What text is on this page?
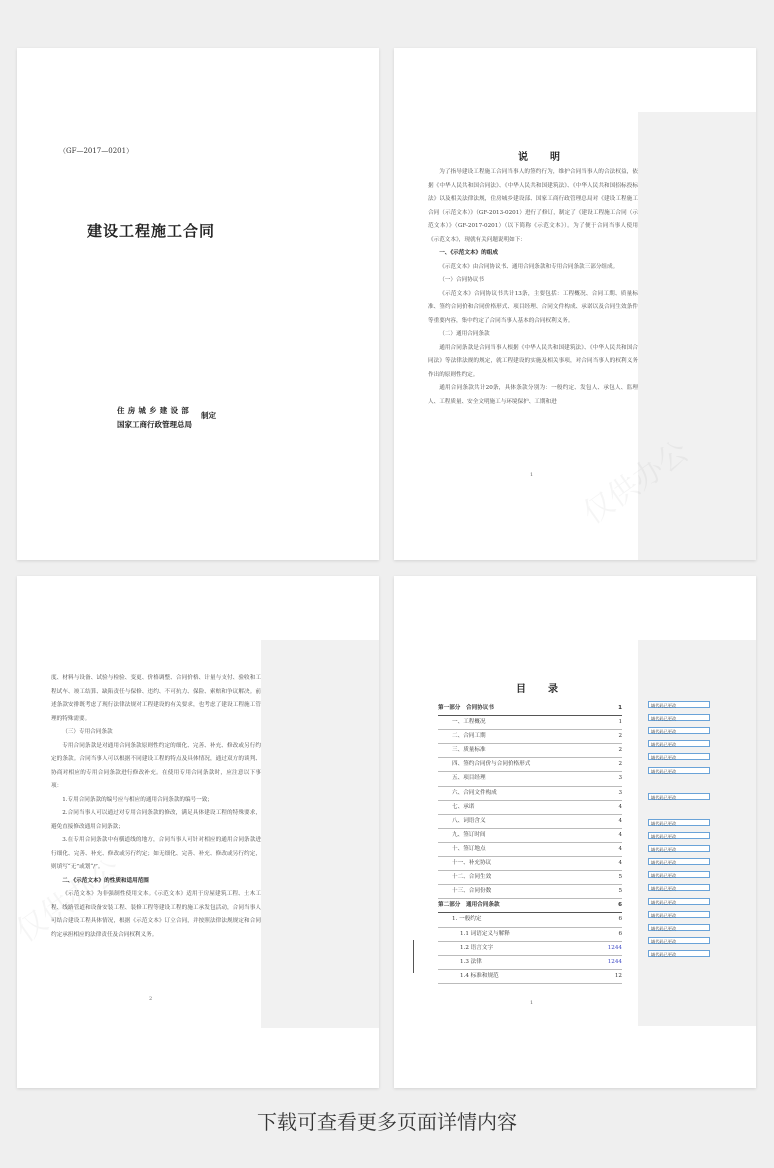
（GF—2017—0201）
建设工程施工合同
住房城乡建设部
国家工商行政管理总局
制定
说　明

为了指导建设工程施工合同当事人的签约行为，维护合同当事人的合法权益，依据《中华人民共和国合同法》、《中华人民共和国建筑法》、《中华人民共和国招标投标法》以及相关法律法规，住房城乡建设部、国家工商行政管理总局对《建设工程施工合同（示范文本）》（GF-2013-0201）进行了修订，制定了《建设工程施工合同（示范文本）》（GF-2017-0201）（以下简称《示范文本》）。为了便于合同当事人使用《示范文本》，现就有关问题说明如下：

一、《示范文本》的组成

《示范文本》由合同协议书、通用合同条款和专用合同条款三部分组成。

（一）合同协议书

《示范文本》合同协议书共计13条，主要包括：工程概况、合同工期、质量标准、签约合同价和合同价格形式、项目经理、合同文件构成、承诺以及合同生效条件等重要内容，集中约定了合同当事人基本的合同权利义务。

（二）通用合同条款

通用合同条款是合同当事人根据《中华人民共和国建筑法》、《中华人民共和国合同法》等法律法规的规定，就工程建设的实施及相关事项，对合同当事人的权利义务作出的原则性约定。

通用合同条款共计20条，具体条款分别为：一般约定、发包人、承包人、监理人、工程质量、安全文明施工与环境保护、工期和进

1

度、材料与设备、试验与检验、变更、价格调整、合同价格、计量与支付、验收和工程试车、竣工结算、缺陷责任与保修、违约、不可抗力、保险、索赔和争议解决。前述条款安排既考虑了现行法律法规对工程建设的有关要求，也考虑了建设工程施工管理的特殊需要。

（三）专用合同条款

专用合同条款是对通用合同条款原则性约定的细化、完善、补充、修改或另行约定的条款。合同当事人可以根据不同建设工程的特点及具体情况，通过双方的谈判、协商对相应的专用合同条款进行修改补充。在使用专用合同条款时，应注意以下事项：

1.专用合同条款的编号应与相应的通用合同条款的编号一致；

2.合同当事人可以通过对专用合同条款的修改，满足具体建设工程的特殊要求，避免直接修改通用合同条款；

3.在专用合同条款中有横道线的地方，合同当事人可针对相应的通用合同条款进行细化、完善、补充、修改或另行约定；如无细化、完善、补充、修改或另行约定，则填写“无”或划“/”。

二、《示范文本》的性质和适用范围

《示范文本》为非强制性使用文本。《示范文本》适用于房屋建筑工程、土木工程、线路管道和设备安装工程、装修工程等建设工程的施工承发包活动，合同当事人可结合建设工程具体情况，根据《示范文本》订立合同，并按照法律法规规定和合同约定承担相应的法律责任及合同权利义务。

2
目　录
第一部分　合同协议书	1
一、工程概况	1
二、合同工期	2
三、质量标准	2
四、签约合同价与合同价格形式	2
五、项目经理	3
六、合同文件构成	3
七、承诺	4
八、词语含义	4
九、签订时间	4
十、签订地点	4
十一、补充协议	4
十二、合同生效	5
十三、合同份数	5
第二部分　通用合同条款	6
1. 一般约定	6
1.1 词语定义与解释	6
1.2 语言文字	1244
1.3 法律	1244
1.4 标准和规范	12
域代码已更改
域代码已更改
域代码已更改
域代码已更改
域代码已更改
域代码已更改
域代码已更改
域代码已更改
域代码已更改
域代码已更改
域代码已更改
域代码已更改
域代码已更改
域代码已更改
域代码已更改
域代码已更改
域代码已更改
域代码已更改
1
下载可查看更多页面详情内容
